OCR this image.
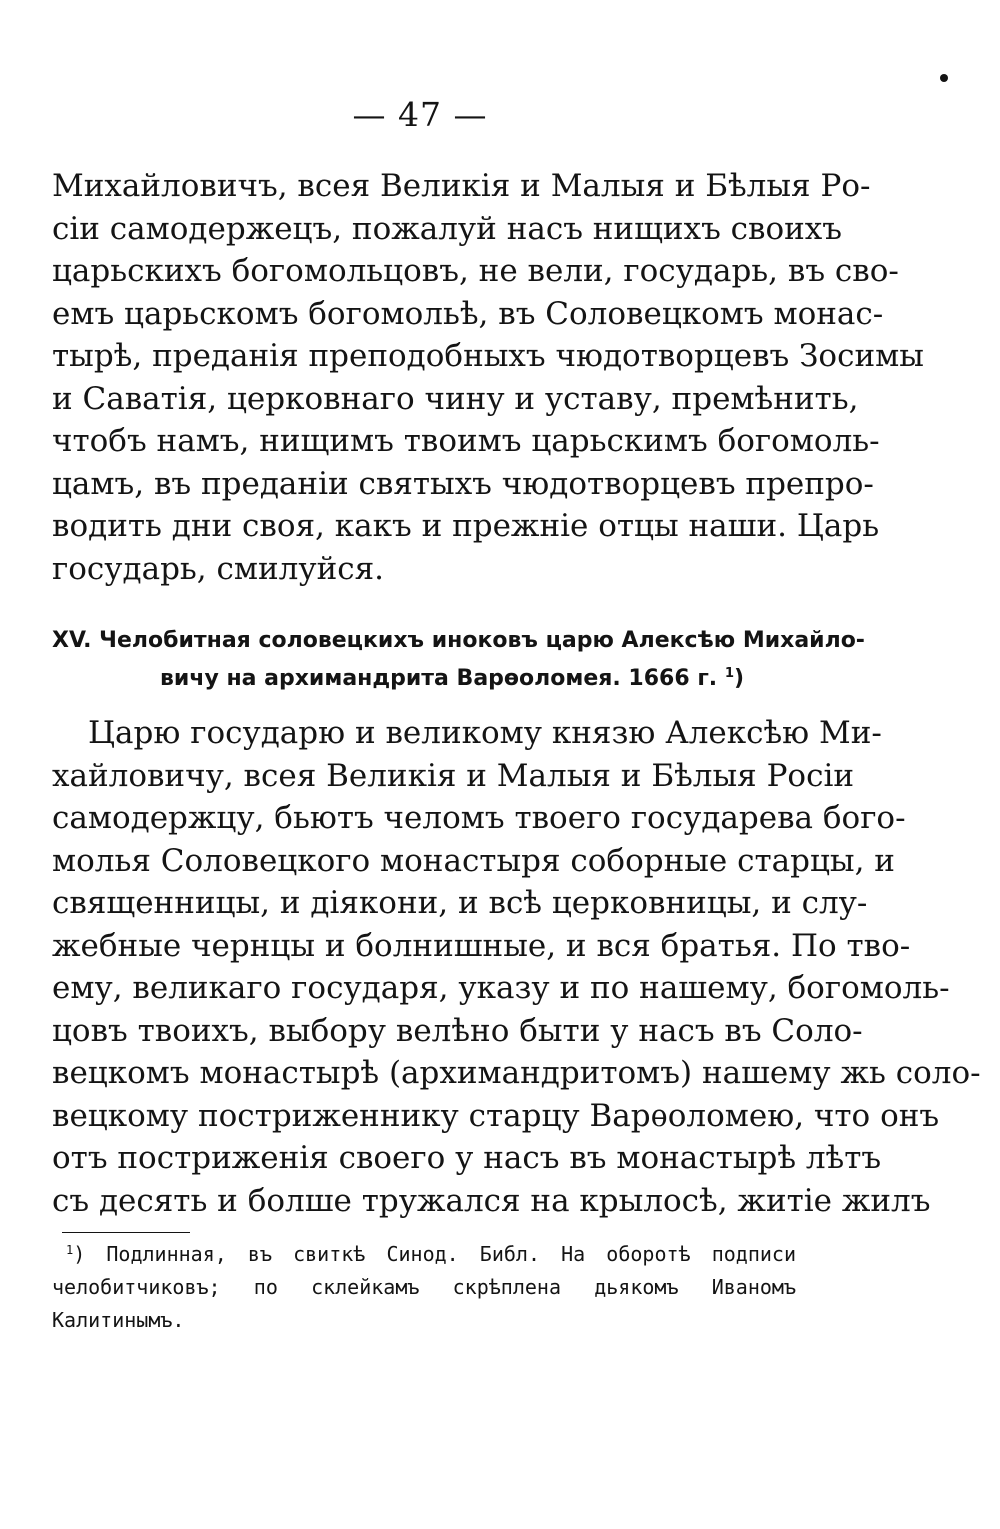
— 47 —
Михайловичъ, всея Великія и Малыя и Бѣлыя Ро-
сіи самодержецъ, пожалуй насъ нищихъ своихъ
царьскихъ богомольцовъ, не вели, государь, въ сво-
емъ царьскомъ богомольѣ, въ Соловецкомъ монас-
тырѣ, преданія преподобныхъ чюдотворцевъ Зосимы
и Саватія, церковнаго чину и уставу, премѣнить,
чтобъ намъ, нищимъ твоимъ царьскимъ богомоль-
цамъ, въ преданіи святыхъ чюдотворцевъ препро-
водить дни своя, какъ и прежніе отцы наши. Царь
государь, смилуйся.
XV. Челобитная соловецкихъ иноковъ царю Алексѣю Михайло-
вичу на архимандрита Варѳоломея. 1666 г. $^1$)
Царю государю и великому князю Алексѣю Ми-
хайловичу, всея Великія и Малыя и Бѣлыя Росіи
самодержцу, бьютъ челомъ твоего государева бого-
молья Соловецкого монастыря соборные старцы, и
священницы, и діякони, и всѣ церковницы, и слу-
жебные чернцы и болнишные, и вся братья. По тво-
ему, великаго государя, указу и по нашему, богомоль-
цовъ твоихъ, выбору велѣно быти у насъ въ Соло-
вецкомъ монастырѣ (архимандритомъ) нашему жь соло-
вецкому постриженнику старцу Варѳоломею, что онъ
отъ постриженія своего у насъ въ монастырѣ лѣтъ
съ десять и болше тружался на крылосѣ, житіе жилъ
$^1$) Подлинная, въ свиткѣ Синод. Библ. На оборотѣ подписи
челобитчиковъ; по склейкамъ скрѣплена дьякомъ Иваномъ
Калитинымъ.
